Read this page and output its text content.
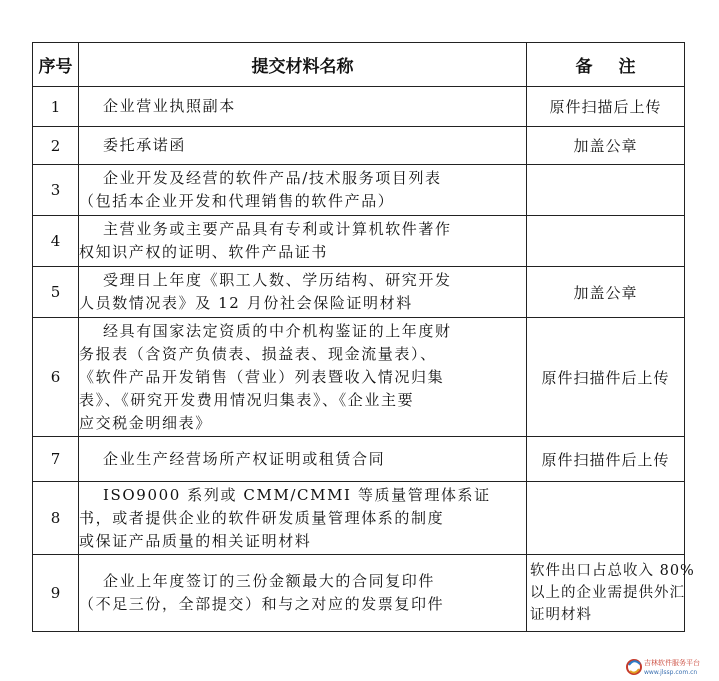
序号	提交材料名称	备 注
1	企业营业执照副本	原件扫描后上传
2	委托承诺函	加盖公章
3	企业开发及经营的软件产品/技术服务项目列表
（包括本企业开发和代理销售的软件产品）	

4	主营业务或主要产品具有专利或计算机软件著作
权知识产权的证明、软件产品证书	

5	受理日上年度《职工人数、学历结构、研究开发
人员数情况表》及 12 月份社会保险证明材料	加盖公章
6	经具有国家法定资质的中介机构鉴证的上年度财
务报表（含资产负债表、损益表、现金流量表）、
《软件产品开发销售（营业）列表暨收入情况归集
表》、《研究开发费用情况归集表》、《企业主要
应交税金明细表》	原件扫描件后上传
7	企业生产经营场所产权证明或租赁合同	原件扫描件后上传
8	ISO9000 系列或 CMM/CMMI 等质量管理体系证
书，或者提供企业的软件研发质量管理体系的制度
或保证产品质量的相关证明材料	

9	企业上年度签订的三份金额最大的合同复印件
（不足三份，全部提交）和与之对应的发票复印件	软件出口占总收入 80%
以上的企业需提供外汇
证明材料
吉林软件服务平台
www.jlssp.com.cn
